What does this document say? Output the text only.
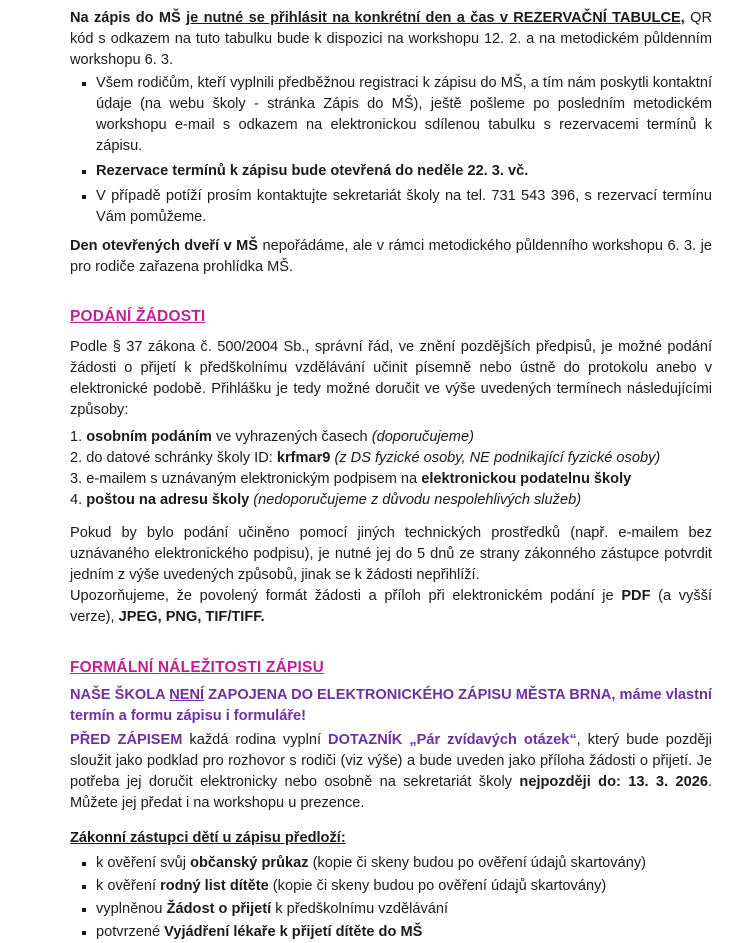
Na zápis do MŠ je nutné se přihlásit na konkrétní den a čas v REZERVAČNÍ TABULCE, QR kód s odkazem na tuto tabulku bude k dispozici na workshopu 12. 2. a na metodickém půldenním workshopu 6. 3.

Všem rodičům, kteří vyplnili předběžnou registraci k zápisu do MŠ, a tím nám poskytli kontaktní údaje (na webu školy - stránka Zápis do MŠ), ještě pošleme po posledním metodickém workshopu e-mail s odkazem na elektronickou sdílenou tabulku s rezervacemi termínů k zápisu.
Rezervace termínů k zápisu bude otevřená do neděle 22. 3. vč.
V případě potíží prosím kontaktujte sekretariát školy na tel. 731 543 396, s rezervací termínu Vám pomůžeme.

Den otevřených dveří v MŠ nepořádáme, ale v rámci metodického půldenního workshopu 6. 3. je pro rodiče zařazena prohlídka MŠ.

PODÁNÍ ŽÁDOSTI

Podle § 37 zákona č. 500/2004 Sb., správní řád, ve znění pozdějších předpisů, je možné podání žádosti o přijetí k předškolnímu vzdělávání učinit písemně nebo ústně do protokolu anebo v elektronické podobě. Přihlášku je tedy možné doručit ve výše uvedených termínech následujícími způsoby:

1. osobním podáním ve vyhrazených časech (doporučujeme)
2. do datové schránky školy ID: krfmar9 (z DS fyzické osoby, NE podnikající fyzické osoby)
3. e-mailem s uznávaným elektronickým podpisem na elektronickou podatelnu školy
4. poštou na adresu školy (nedoporučujeme z důvodu nespolehlivých služeb)

Pokud by bylo podání učiněno pomocí jiných technických prostředků (např. e-mailem bez uznávaného elektronického podpisu), je nutné jej do 5 dnů ze strany zákonného zástupce potvrdit jedním z výše uvedených způsobů, jinak se k žádosti nepřihlíží.

Upozorňujeme, že povolený formát žádosti a příloh při elektronickém podání je PDF (a vyšší verze), JPEG, PNG, TIF/TIFF.

FORMÁLNÍ NÁLEŽITOSTI ZÁPISU

NAŠE ŠKOLA NENÍ ZAPOJENA DO ELEKTRONICKÉHO ZÁPISU MĚSTA BRNA, máme vlastní termín a formu zápisu i formuláře!

PŘED ZÁPISEM každá rodina vyplní DOTAZNÍK „Pár zvídavých otázek“, který bude později sloužit jako podklad pro rozhovor s rodiči (viz výše) a bude uveden jako příloha žádosti o přijetí. Je potřeba jej doručit elektronicky nebo osobně na sekretariát školy nejpozději do: 13. 3. 2026. Můžete jej předat i na workshopu u prezence.

Zákonní zástupci dětí u zápisu předloží:
k ověření svůj občanský průkaz (kopie či skeny budou po ověření údajů skartovány)
k ověření rodný list dítěte (kopie či skeny budou po ověření údajů skartovány)
vyplněnou Žádost o přijetí k předškolnímu vzdělávání
potvrzené Vyjádření lékaře k přijetí dítěte do MŠ
